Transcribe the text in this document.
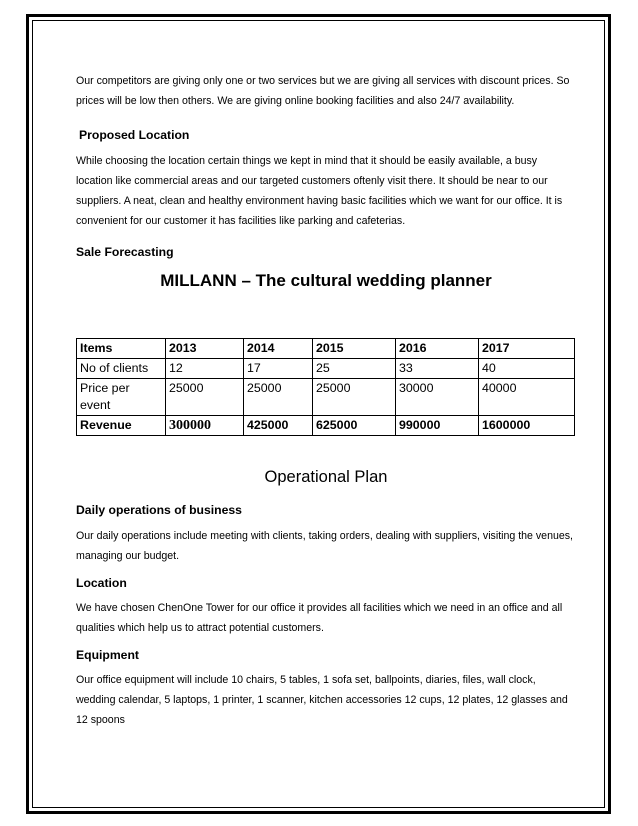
Our competitors are giving only one or two services but we are giving all services with discount prices. So prices will be low then others. We are giving online booking facilities and also 24/7 availability.

Proposed Location

While choosing the location certain things we kept in mind that it should be easily available, a busy location like commercial areas and our targeted customers oftenly visit there. It should be near to our suppliers. A neat, clean and healthy environment having basic facilities which we want for our office. It is convenient for our customer it has facilities like parking and cafeterias.

Sale Forecasting
MILLANN – The cultural wedding planner
Items	2013	2014	2015	2016	2017
No of clients	12	17	25	33	40
Price per event	25000	25000	25000	30000	40000
Revenue	300000	425000	625000	990000	1600000
Operational Plan
Daily operations of business

Our daily operations include meeting with clients, taking orders, dealing with suppliers, visiting the venues, managing our budget.

Location

We have chosen ChenOne Tower for our office it provides all facilities which we need in an office and all qualities which help us to attract potential customers.

Equipment

Our office equipment will include 10 chairs, 5 tables, 1 sofa set, ballpoints, diaries, files, wall clock, wedding calendar, 5 laptops, 1 printer, 1 scanner, kitchen accessories 12 cups, 12 plates, 12 glasses and 12 spoons
